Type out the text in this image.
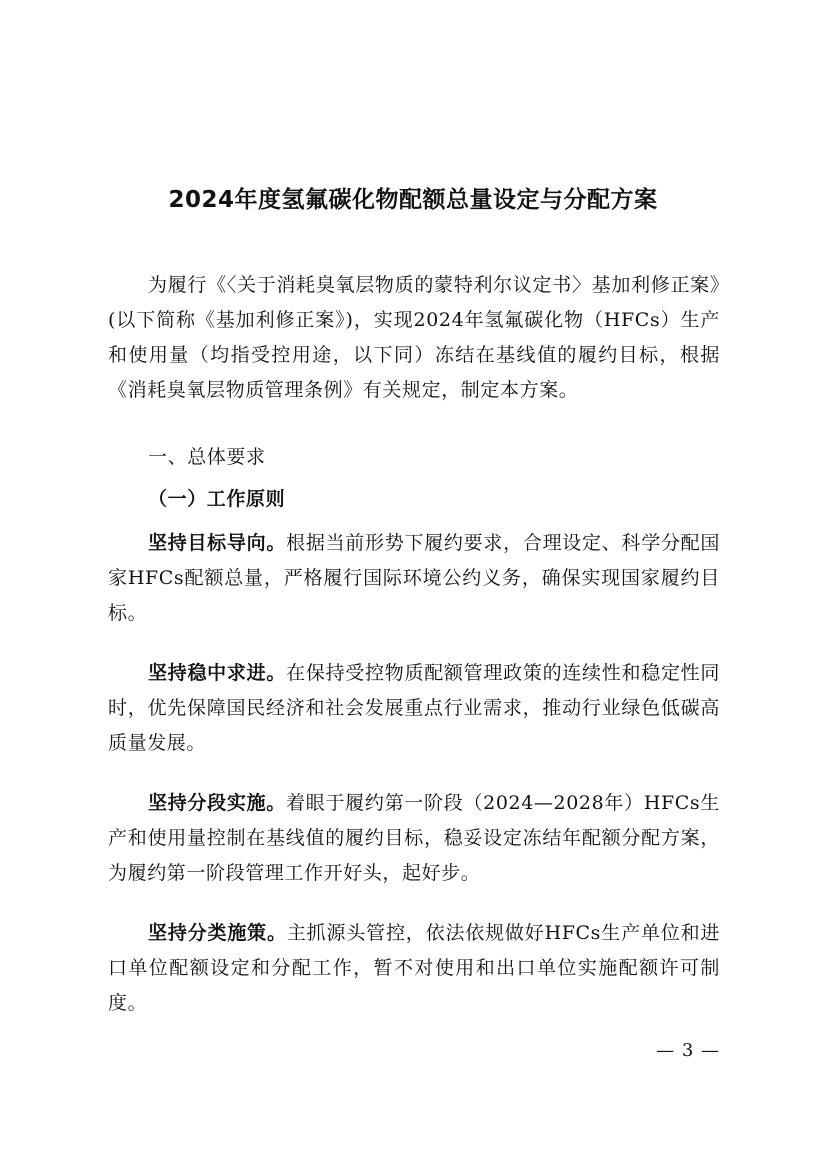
2024年度氢氟碳化物配额总量设定与分配方案

为履行《〈关于消耗臭氧层物质的蒙特利尔议定书〉基加利修正案》(以下简称《基加利修正案》)，实现2024年氢氟碳化物（HFCs）生产和使用量（均指受控用途，以下同）冻结在基线值的履约目标，根据《消耗臭氧层物质管理条例》有关规定，制定本方案。

一、总体要求
（一）工作原则

坚持目标导向。根据当前形势下履约要求，合理设定、科学分配国家HFCs配额总量，严格履行国际环境公约义务，确保实现国家履约目标。

坚持稳中求进。在保持受控物质配额管理政策的连续性和稳定性同时，优先保障国民经济和社会发展重点行业需求，推动行业绿色低碳高质量发展。

坚持分段实施。着眼于履约第一阶段（2024—2028年）HFCs生产和使用量控制在基线值的履约目标，稳妥设定冻结年配额分配方案，为履约第一阶段管理工作开好头，起好步。

坚持分类施策。主抓源头管控，依法依规做好HFCs生产单位和进口单位配额设定和分配工作，暂不对使用和出口单位实施配额许可制度。

— 3 —
